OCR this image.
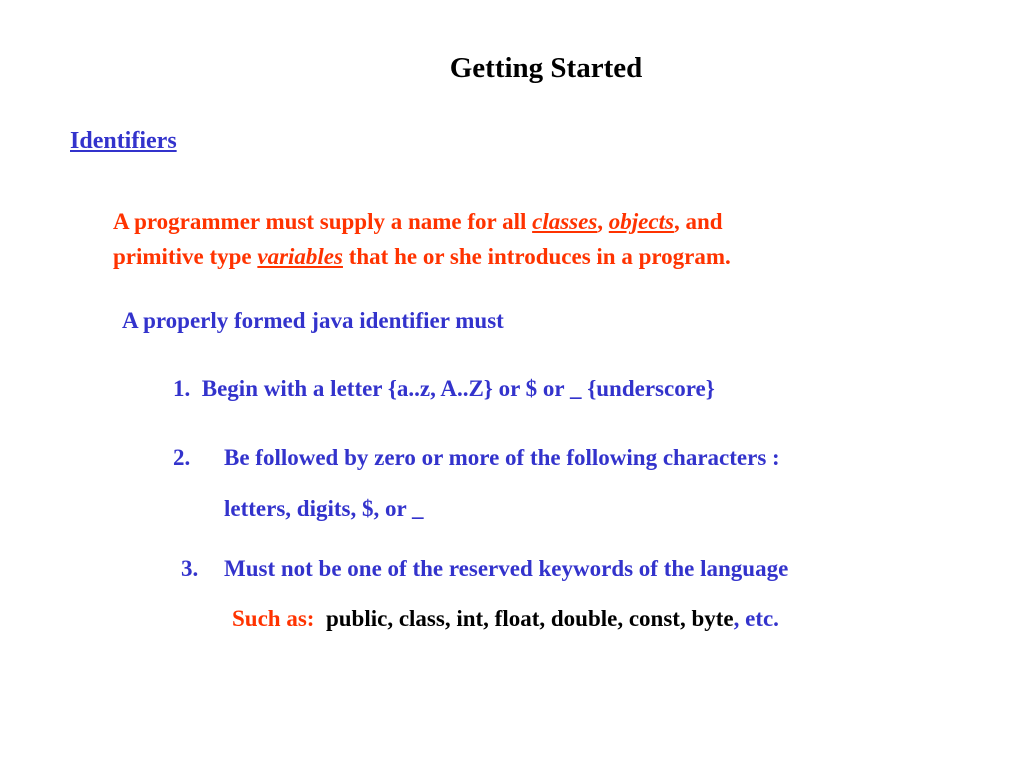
Getting Started
Identifiers
A programmer must supply a name for all classes, objects, and
primitive type variables that he or she introduces in a program.
A properly formed java identifier must
1. Begin with a letter {a..z, A..Z} or $ or _ {underscore}
2. Be followed by zero or more of the following characters :
letters, digits, $, or _
3. Must not be one of the reserved keywords of the language
Such as: public, class, int, float, double, const, byte, etc.
